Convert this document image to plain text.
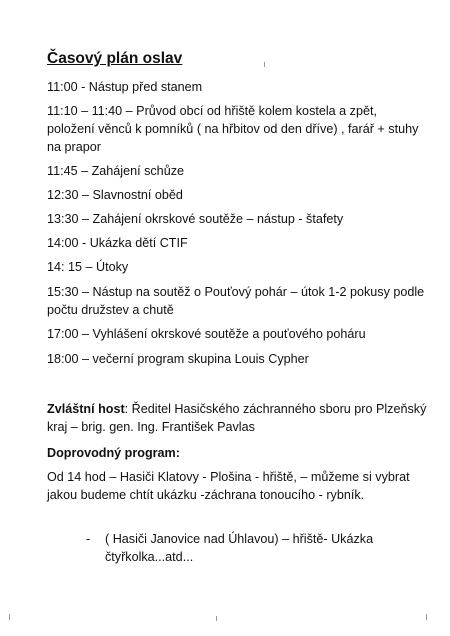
Časový plán oslav

11:00 - Nástup před stanem

11:10 – 11:40 – Průvod obcí od hřiště kolem kostela a zpět, položení věnců k pomníků ( na hřbitov od den dříve) , farář + stuhy na prapor

11:45 – Zahájení schůze

12:30 – Slavnostní oběd

13:30 – Zahájení okrskové soutěže – nástup - štafety

14:00 - Ukázka dětí CTIF

14: 15 – Útoky

15:30 – Nástup na soutěž o Pouťový pohár – útok 1-2 pokusy podle počtu družstev a chutě

17:00 – Vyhlášení okrskové soutěže a pouťového poháru

18:00 – večerní program skupina Louis Cypher

Zvláštní host: Ředitel Hasičského záchranného sboru pro Plzeňský kraj – brig. gen. Ing. František Pavlas

Doprovodný program:

Od 14 hod – Hasiči Klatovy - Plošina - hřiště, – můžeme si vybrat jakou budeme chtít ukázku -záchrana tonoucího - rybník.

- ( Hasiči Janovice nad Úhlavou) – hřiště- Ukázka čtyřkolka...atd...
